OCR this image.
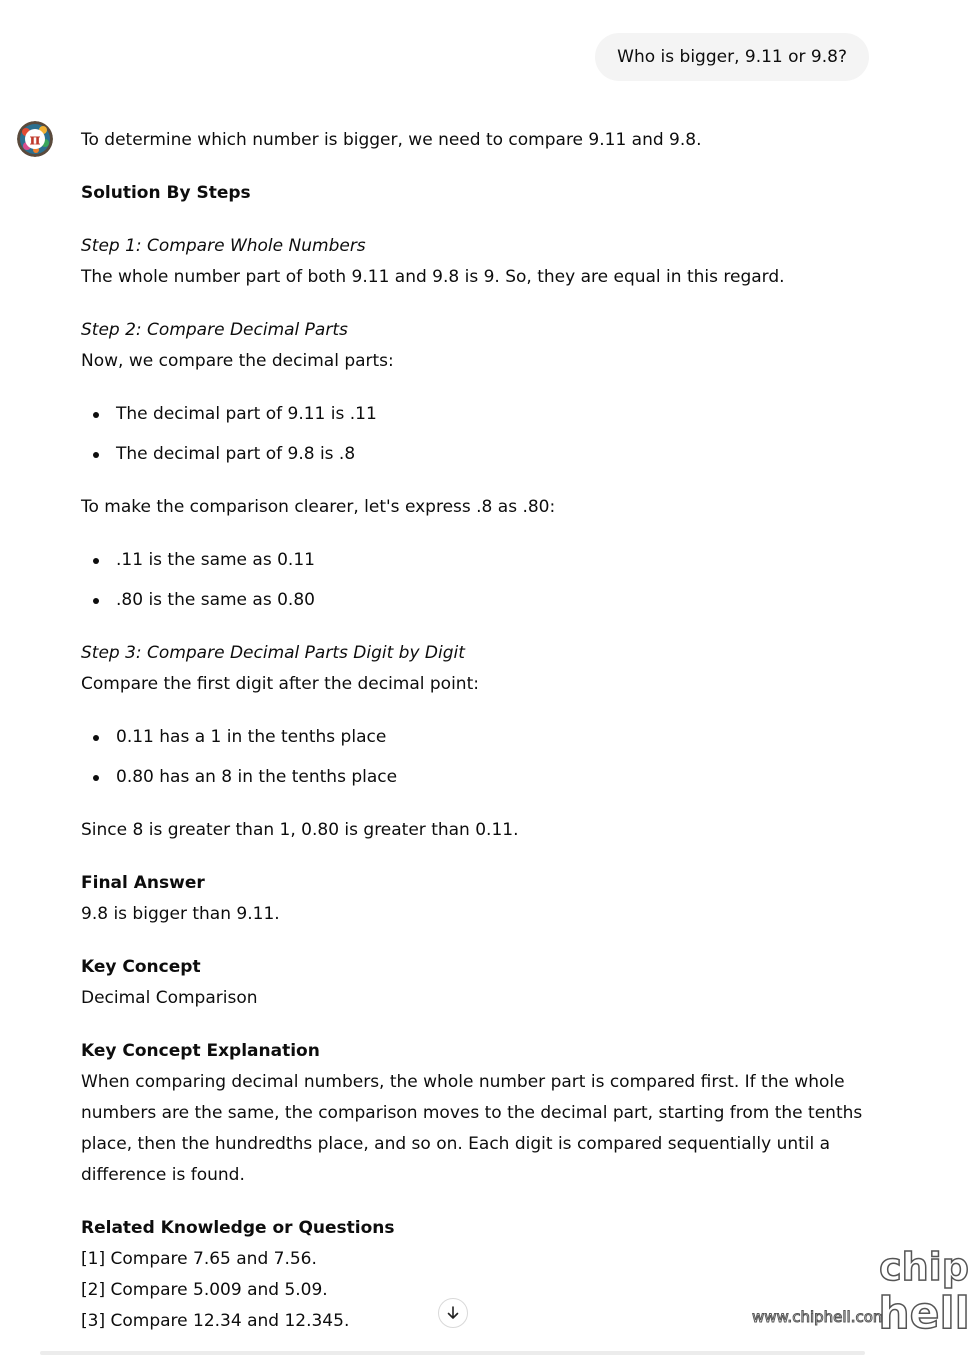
Who is bigger, 9.11 or 9.8?
π To determine which number is bigger, we need to compare 9.11 and 9.8.

Solution By Steps

Step 1: Compare Whole Numbers

The whole number part of both 9.11 and 9.8 is 9. So, they are equal in this regard.

Step 2: Compare Decimal Parts

Now, we compare the decimal parts:

The decimal part of 9.11 is .11
The decimal part of 9.8 is .8

To make the comparison clearer, let's express .8 as .80:

.11 is the same as 0.11
.80 is the same as 0.80

Step 3: Compare Decimal Parts Digit by Digit

Compare the first digit after the decimal point:

0.11 has a 1 in the tenths place
0.80 has an 8 in the tenths place

Since 8 is greater than 1, 0.80 is greater than 0.11.

Final Answer

9.8 is bigger than 9.11.

Key Concept

Decimal Comparison

Key Concept Explanation

When comparing decimal numbers, the whole number part is compared first. If the whole numbers are the same, the comparison moves to the decimal part, starting from the tenths place, then the hundredths place, and so on. Each digit is compared sequentially until a difference is found.

Related Knowledge or Questions

[1] Compare 7.65 and 7.56.

[2] Compare 5.009 and 5.09.

[3] Compare 12.34 and 12.345.	www.chiphell.com
chip
hell
